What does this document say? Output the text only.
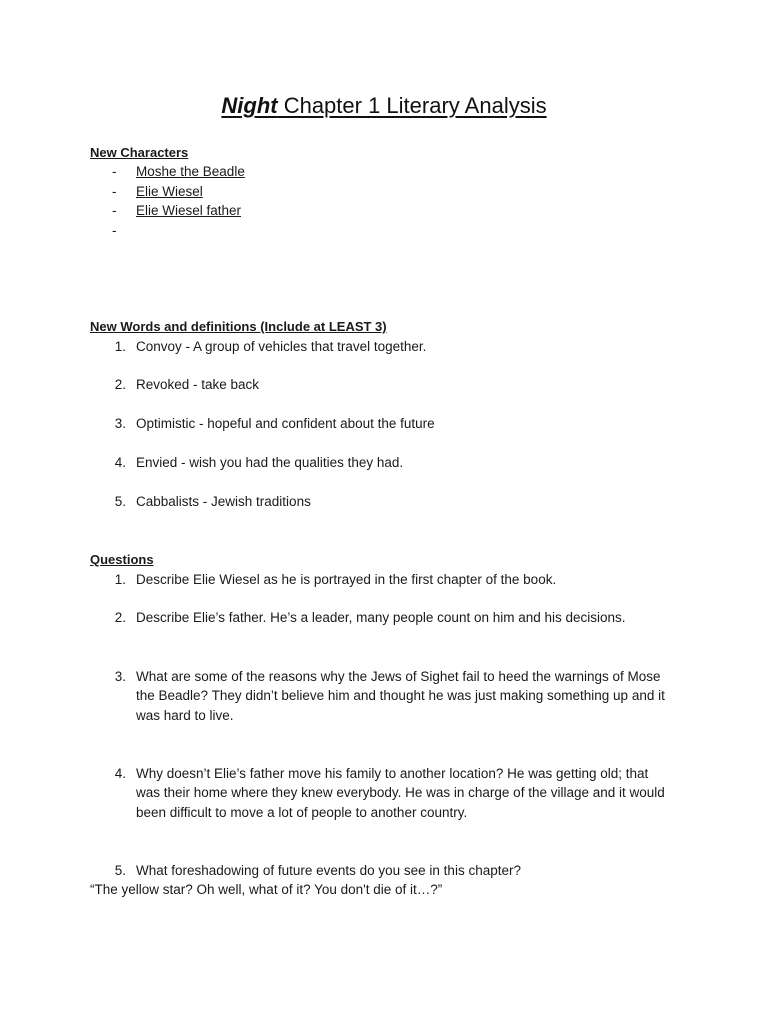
Night Chapter 1 Literary Analysis
New Characters
- Moshe the Beadle
- Elie Wiesel
- Elie Wiesel father
-
New Words and definitions (Include at LEAST 3)
1. Convoy - A group of vehicles that travel together.
2. Revoked - take back
3. Optimistic - hopeful and confident about the future
4. Envied - wish you had the qualities they had.
5. Cabbalists - Jewish traditions
Questions
1. Describe Elie Wiesel as he is portrayed in the first chapter of the book.
2. Describe Elie’s father. He’s a leader, many people count on him and his decisions.
3. What are some of the reasons why the Jews of Sighet fail to heed the warnings of Mose
the Beadle? They didn’t believe him and thought he was just making something up and it
was hard to live.
4. Why doesn’t Elie’s father move his family to another location? He was getting old; that
was their home where they knew everybody. He was in charge of the village and it would
been difficult to move a lot of people to another country.
5. What foreshadowing of future events do you see in this chapter?
“The yellow star? Oh well, what of it? You don't die of it…?”
